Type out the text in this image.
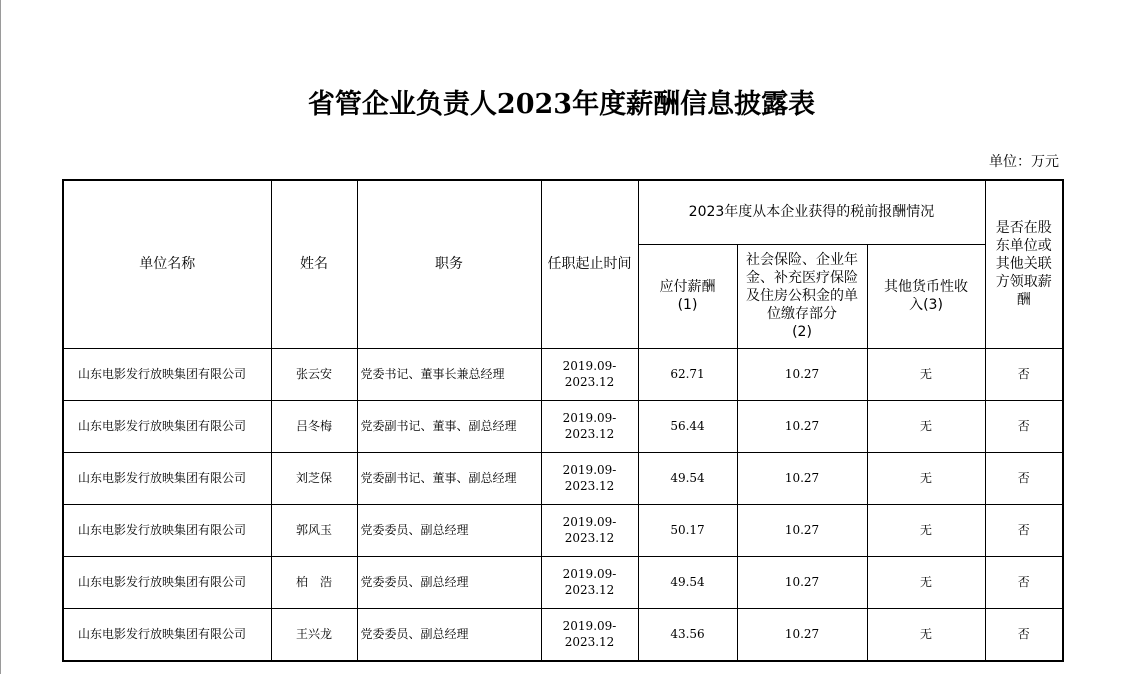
省管企业负责人2023年度薪酬信息披露表
单位：万元
单位名称	姓名	职务	任职起止时间	2023年度从本企业获得的税前报酬情况			是否在股东单位或其他关联方领取薪酬
				应付薪酬
(1)	社会保险、企业年金、补充医疗保险及住房公积金的单位缴存部分
(2)	其他货币性收入(3)	
山东电影发行放映集团有限公司	张云安	党委书记、董事长兼总经理	2019.09-
2023.12	62.71	10.27	无	否
山东电影发行放映集团有限公司	吕冬梅	党委副书记、董事、副总经理	2019.09-
2023.12	56.44	10.27	无	否
山东电影发行放映集团有限公司	刘芝保	党委副书记、董事、副总经理	2019.09-
2023.12	49.54	10.27	无	否
山东电影发行放映集团有限公司	郭风玉	党委委员、副总经理	2019.09-
2023.12	50.17	10.27	无	否
山东电影发行放映集团有限公司	柏　浩	党委委员、副总经理	2019.09-
2023.12	49.54	10.27	无	否
山东电影发行放映集团有限公司	王兴龙	党委委员、副总经理	2019.09-
2023.12	43.56	10.27	无	否
